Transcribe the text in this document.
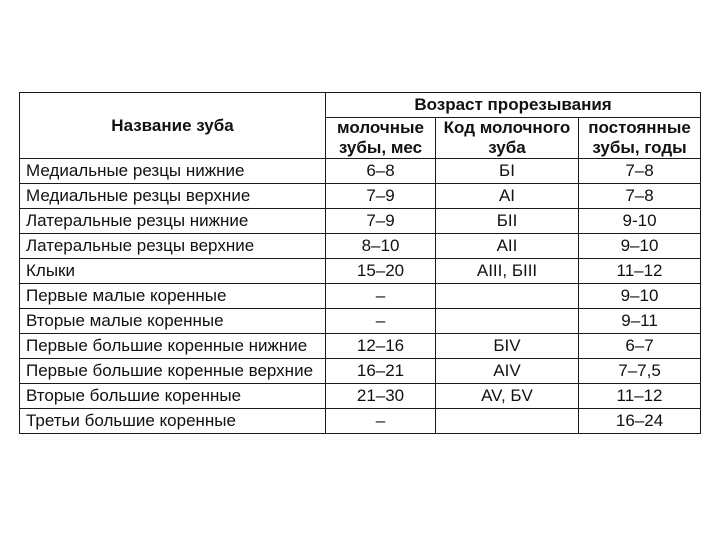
Название зуба	Возраст прорезывания		
	молочные зубы, мес	Код молочного зуба	постоянные зубы, годы
Медиальные резцы нижние	6–8	БI	7–8
Медиальные резцы верхние	7–9	AI	7–8
Латеральные резцы нижние	7–9	БII	9-10
Латеральные резцы верхние	8–10	AII	9–10
Клыки	15–20	AIII, БIII	11–12
Первые малые коренные	–		9–10
Вторые малые коренные	–		9–11
Первые большие коренные нижние	12–16	БIV	6–7
Первые большие коренные верхние	16–21	AIV	7–7,5
Вторые большие коренные	21–30	AV, БV	11–12
Третьи большие коренные	–		16–24
